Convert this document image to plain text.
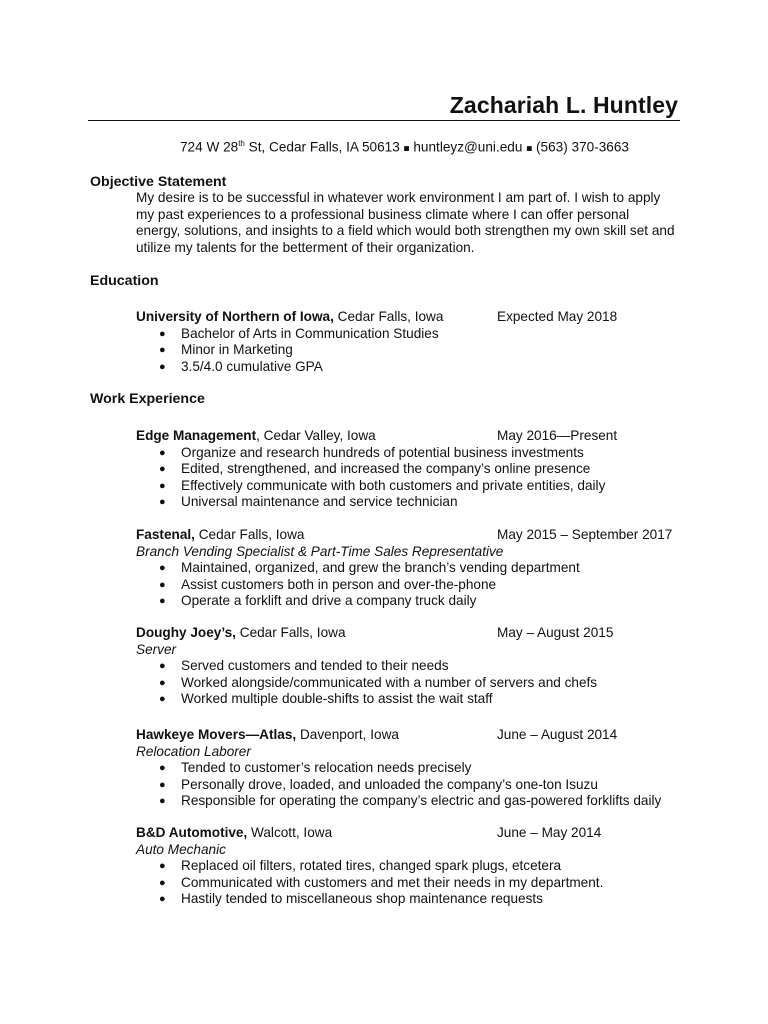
Zachariah L. Huntley
724 W 28th St, Cedar Falls, IA 50613 ■ huntleyz@uni.edu ■ (563) 370-3663
Objective Statement
My desire is to be successful in whatever work environment I am part of. I wish to apply my past experiences to a professional business climate where I can offer personal energy, solutions, and insights to a field which would both strengthen my own skill set and utilize my talents for the betterment of their organization.
Education
University of Northern of Iowa, Cedar Falls, Iowa	Expected May 2018
● Bachelor of Arts in Communication Studies
● Minor in Marketing
● 3.5/4.0 cumulative GPA
Work Experience
Edge Management, Cedar Valley, Iowa	May 2016—Present
● Organize and research hundreds of potential business investments
● Edited, strengthened, and increased the company’s online presence
● Effectively communicate with both customers and private entities, daily
● Universal maintenance and service technician
Fastenal, Cedar Falls, Iowa	May 2015 – September 2017
Branch Vending Specialist & Part-Time Sales Representative
● Maintained, organized, and grew the branch’s vending department
● Assist customers both in person and over-the-phone
● Operate a forklift and drive a company truck daily
Doughy Joey’s, Cedar Falls, Iowa	May – August 2015
Server
● Served customers and tended to their needs
● Worked alongside/communicated with a number of servers and chefs
● Worked multiple double-shifts to assist the wait staff
Hawkeye Movers—Atlas, Davenport, Iowa	June – August 2014
Relocation Laborer
● Tended to customer’s relocation needs precisely
● Personally drove, loaded, and unloaded the company’s one-ton Isuzu
● Responsible for operating the company’s electric and gas-powered forklifts daily
B&D Automotive, Walcott, Iowa	June – May 2014
Auto Mechanic
● Replaced oil filters, rotated tires, changed spark plugs, etcetera
● Communicated with customers and met their needs in my department.
● Hastily tended to miscellaneous shop maintenance requests
